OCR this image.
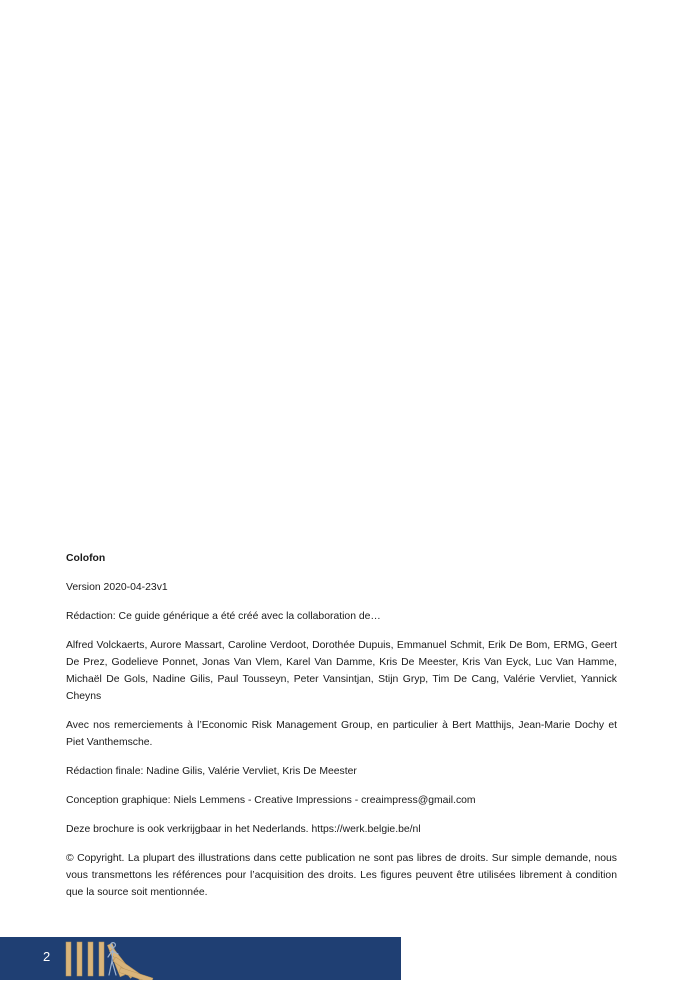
Colofon

Version 2020-04-23v1

Rédaction: Ce guide générique a été créé avec la collaboration de…

Alfred Volckaerts, Aurore Massart, Caroline Verdoot, Dorothée Dupuis, Emmanuel Schmit, Erik De Bom, ERMG, Geert De Prez, Godelieve Ponnet, Jonas Van Vlem, Karel Van Damme, Kris De Meester, Kris Van Eyck, Luc Van Hamme, Michaël De Gols, Nadine Gilis, Paul Tousseyn, Peter Vansintjan, Stijn Gryp, Tim De Cang, Valérie Vervliet, Yannick Cheyns

Avec nos remerciements à l’Economic Risk Management Group, en particulier à Bert Matthijs, Jean-Marie Dochy et Piet Vanthemsche.

Rédaction finale: Nadine Gilis, Valérie Vervliet, Kris De Meester

Conception graphique: Niels Lemmens - Creative Impressions - creaimpress@gmail.com

Deze brochure is ook verkrijgbaar in het Nederlands. https://werk.belgie.be/nl

© Copyright. La plupart des illustrations dans cette publication ne sont pas libres de droits. Sur simple demande, nous vous transmettons les références pour l’acquisition des droits. Les figures peuvent être utilisées librement à condition que la source soit mentionnée.

2
